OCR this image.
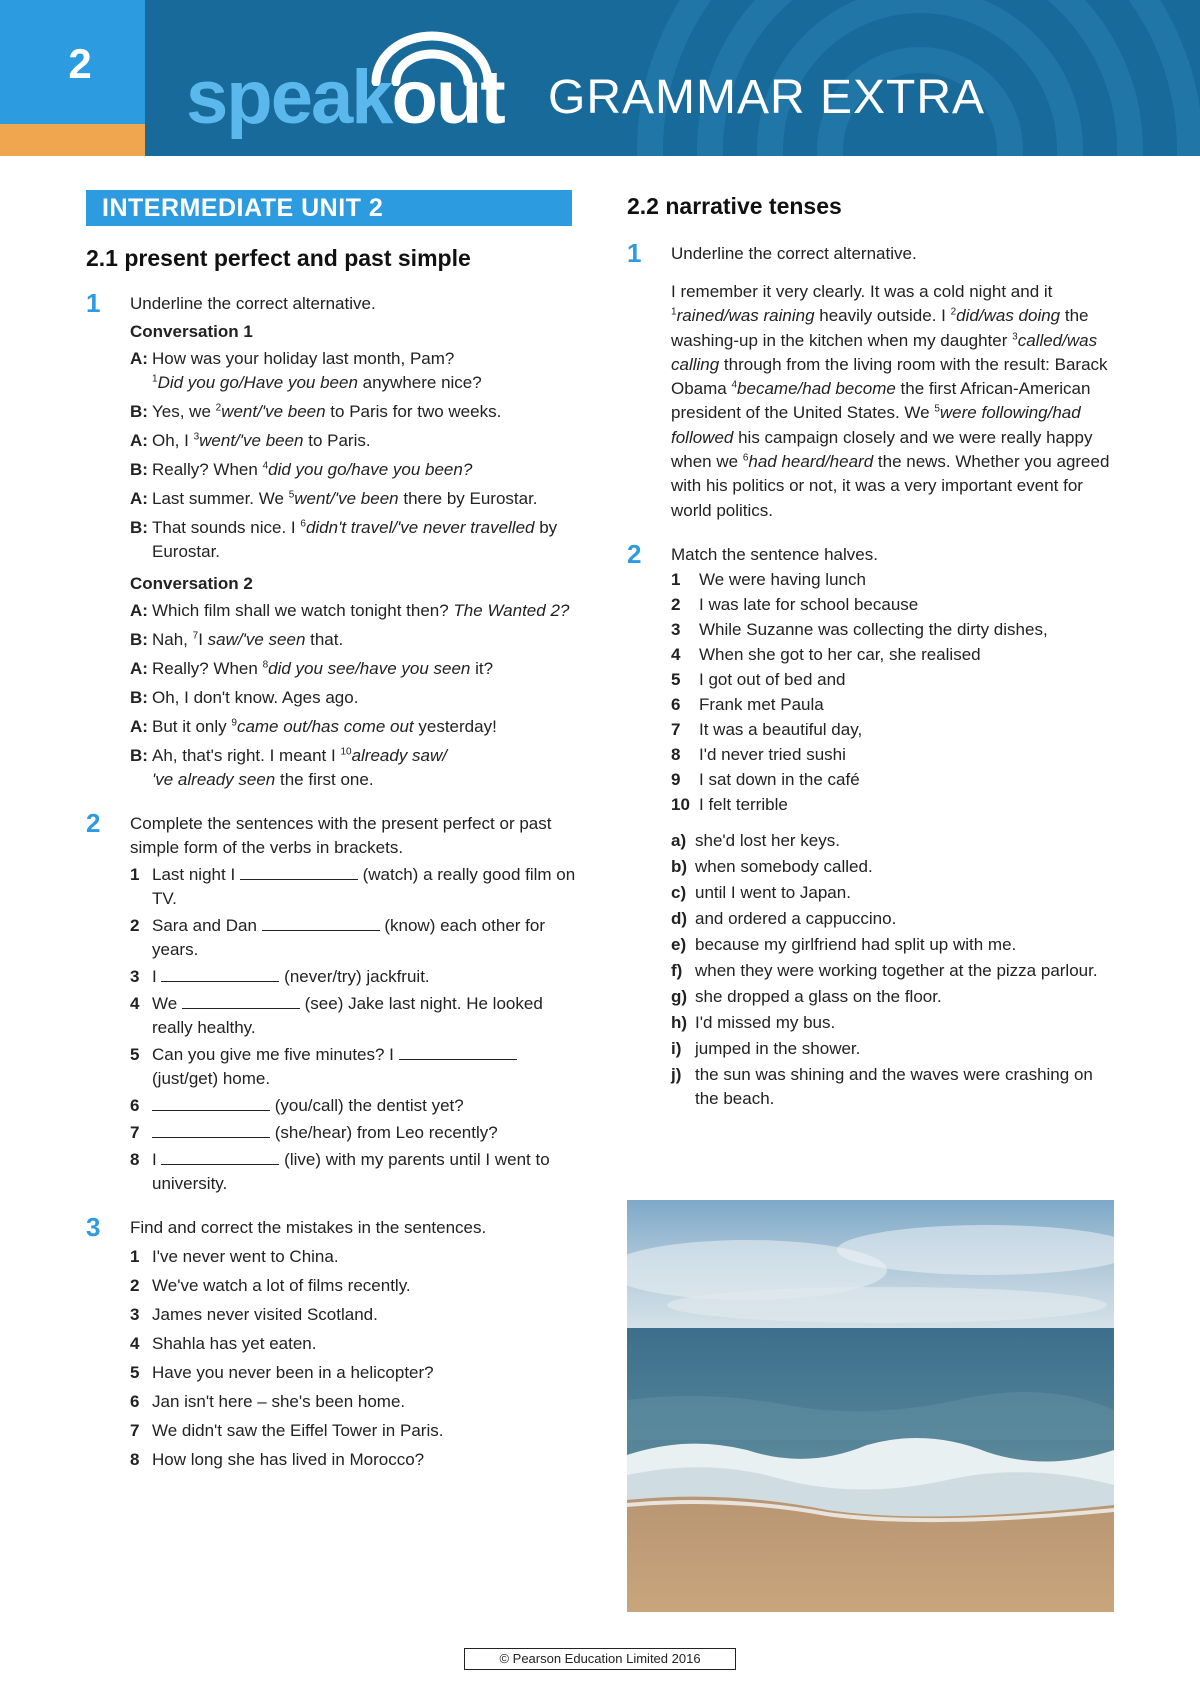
2	speakout GRAMMAR EXTRA
INTERMEDIATE UNIT 2
2.1 present perfect and past simple
1 Underline the correct alternative.
Conversation 1
A: How was your holiday last month, Pam?
$^1$Did you go/Have you been anywhere nice?
B: Yes, we $^2$went/'ve been to Paris for two weeks.
A: Oh, I $^3$went/'ve been to Paris.
B: Really? When $^4$did you go/have you been?
A: Last summer. We $^5$went/'ve been there by Eurostar.
B: That sounds nice. I $^6$didn't travel/'ve never travelled by Eurostar.
Conversation 2
A: Which film shall we watch tonight then? The Wanted 2?
B: Nah, $^7$I saw/'ve seen that.
A: Really? When $^8$did you see/have you seen it?
B: Oh, I don't know. Ages ago.
A: But it only $^9$came out/has come out yesterday!
B: Ah, that's right. I meant I $^{10}$already saw/
've already seen the first one.
2 Complete the sentences with the present perfect or past simple form of the verbs in brackets.
1 Last night I	(watch) a really good film on TV.
2 Sara and Dan	(know) each other for years.
3 I	(never/try) jackfruit.
4 We	(see) Jake last night. He looked really healthy.
5 Can you give me five minutes? I  (just/get) home.
6	(you/call) the dentist yet?
7	(she/hear) from Leo recently?
8 I	(live) with my parents until I went to university.
3 Find and correct the mistakes in the sentences.
1 I've never went to China.
2 We've watch a lot of films recently.
3 James never visited Scotland.
4 Shahla has yet eaten.
5 Have you never been in a helicopter?
6 Jan isn't here – she's been home.
7 We didn't saw the Eiffel Tower in Paris.
8 How long she has lived in Morocco?
2.2 narrative tenses
1 Underline the correct alternative.
I remember it very clearly. It was a cold night and it $^1$rained/was raining heavily outside. I $^2$did/was doing the washing-up in the kitchen when my daughter $^3$called/was calling through from the living room with the result: Barack Obama $^4$became/had become the first African-American president of the United States. We $^5$were following/had followed his campaign closely and we were really happy when we $^6$had heard/heard the news. Whether you agreed with his politics or not, it was a very important event for world politics.
2 Match the sentence halves.
1 We were having lunch
2 I was late for school because
3 While Suzanne was collecting the dirty dishes,
4 When she got to her car, she realised
5 I got out of bed and
6 Frank met Paula
7 It was a beautiful day,
8 I'd never tried sushi
9 I sat down in the café
10 I felt terrible
a) she'd lost her keys.
b) when somebody called.
c) until I went to Japan.
d) and ordered a cappuccino.
e) because my girlfriend had split up with me.
f) when they were working together at the pizza parlour.
g) she dropped a glass on the floor.
h) I'd missed my bus.
i) jumped in the shower.
j) the sun was shining and the waves were crashing on the beach.
© Pearson Education Limited 2016
